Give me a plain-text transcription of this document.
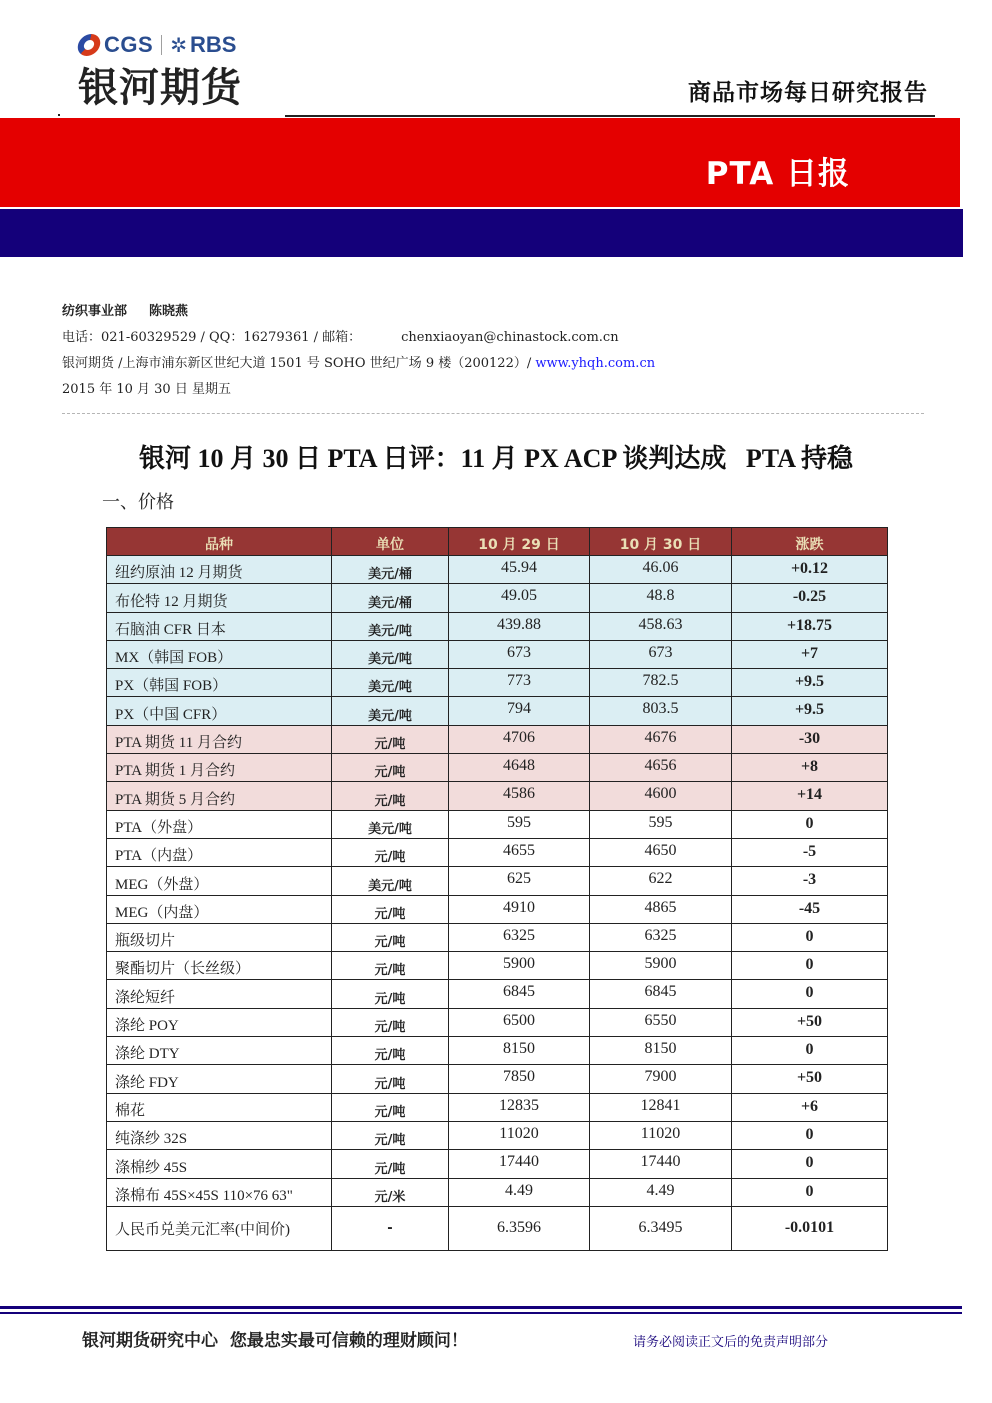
CGS ✲ RBS
银河期货	商品市场每日研究报告
PTA 日报
纺织事业部 陈晓燕
电话：021-60329529 / QQ：16279361 / 邮箱：	chenxiaoyan@chinastock.com.cn
银河期货 /上海市浦东新区世纪大道 1501 号 SOHO 世纪广场 9 楼（200122）/ www.yhqh.com.cn
2015 年 10 月 30 日 星期五
银河 10 月 30 日 PTA 日评：11 月 PX ACP 谈判达成   PTA 持稳
一、价格
品种	单位	10 月 29 日	10 月 30 日	涨跌
纽约原油 12 月期货	美元/桶	45.94	46.06	+0.12
布伦特 12 月期货	美元/桶	49.05	48.8	-0.25
石脑油 CFR 日本	美元/吨	439.88	458.63	+18.75
MX（韩国 FOB）	美元/吨	673	673	+7
PX（韩国 FOB）	美元/吨	773	782.5	+9.5
PX（中国 CFR）	美元/吨	794	803.5	+9.5
PTA 期货 11 月合约	元/吨	4706	4676	-30
PTA 期货 1 月合约	元/吨	4648	4656	+8
PTA 期货 5 月合约	元/吨	4586	4600	+14
PTA（外盘）	美元/吨	595	595	0
PTA（内盘）	元/吨	4655	4650	-5
MEG（外盘）	美元/吨	625	622	-3
MEG（内盘）	元/吨	4910	4865	-45
瓶级切片	元/吨	6325	6325	0
聚酯切片（长丝级）	元/吨	5900	5900	0
涤纶短纤	元/吨	6845	6845	0
涤纶 POY	元/吨	6500	6550	+50
涤纶 DTY	元/吨	8150	8150	0
涤纶 FDY	元/吨	7850	7900	+50
棉花	元/吨	12835	12841	+6
纯涤纱 32S	元/吨	11020	11020	0
涤棉纱 45S	元/吨	17440	17440	0
涤棉布 45S×45S 110×76 63"	元/米	4.49	4.49	0
人民币兑美元汇率(中间价)	-	6.3596	6.3495	-0.0101
银河期货研究中心  您最忠实最可信赖的理财顾问！	请务必阅读正文后的免责声明部分
